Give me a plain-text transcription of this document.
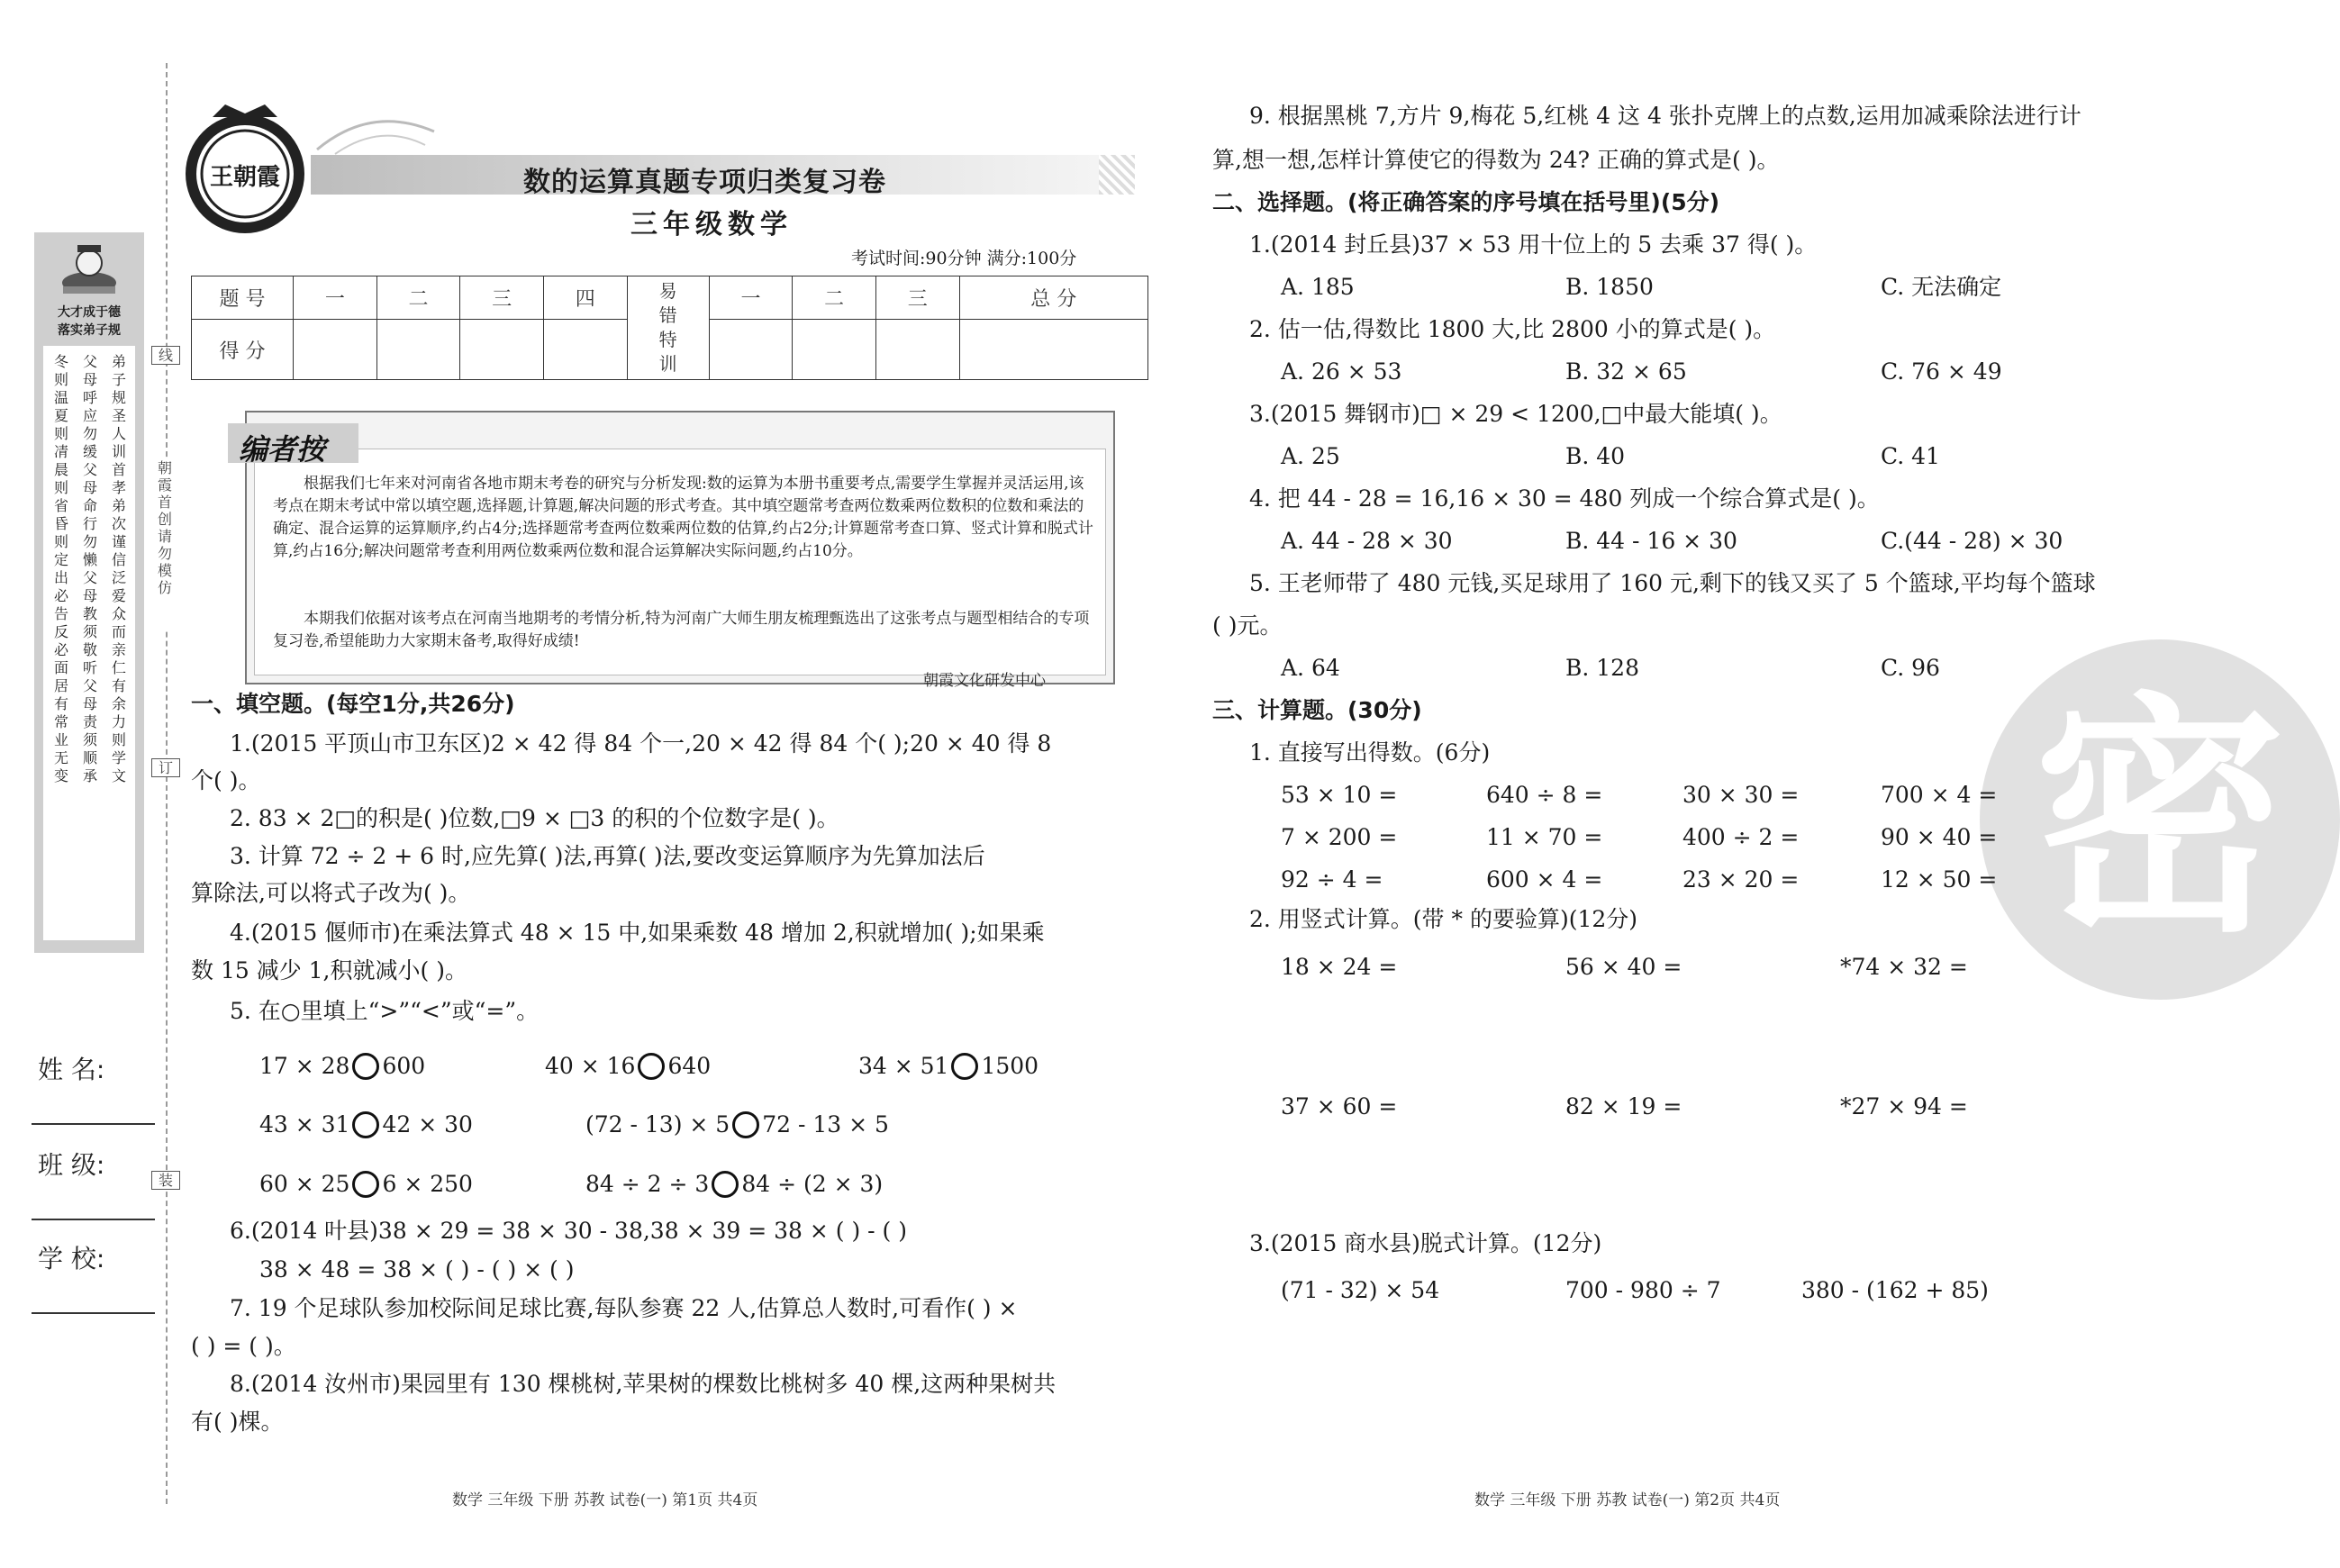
大才成于德
落实弟子规
冬则温夏则凊晨则省昏则定出必告反必面居有常业无变
父母呼应勿缓父母命行勿懒父母教须敬听父母责须顺承
弟子规圣人训首孝弟次谨信泛爱众而亲仁有余力则学文
姓 名:
班 级:
学 校:
线
朝霞首创 请勿模仿
订
装
王朝霞	数的运算真题专项归类复习卷
三年级数学
考试时间:90分钟 满分:100分
题 号	一	二	三	四	易错特训	一	二	三	总 分
得 分									
根据我们七年来对河南省各地市期末考卷的研究与分析发现:数的运算为本册书重要考点,需要学生掌握并灵活运用,该考点在期末考试中常以填空题,选择题,计算题,解决问题的形式考查。其中填空题常考查两位数乘两位数积的位数和乘法的确定、混合运算的运算顺序,约占4分;选择题常考查两位数乘两位数的估算,约占2分;计算题常考查口算、竖式计算和脱式计算,约占16分;解决问题常考查利用两位数乘两位数和混合运算解决实际问题,约占10分。
本期我们依据对该考点在河南当地期考的考情分析,特为河南广大师生朋友梳理甄选出了这张考点与题型相结合的专项复习卷,希望能助力大家期末备考,取得好成绩!
朝霞文化研发中心
编者按
一、填空题。(每空1分,共26分)
1.(2015 平顶山市卫东区)2 × 42 得 84 个一,20 × 42 得 84 个( );20 × 40 得 8
个( )。
2. 83 × 2□的积是( )位数,□9 × □3 的积的个位数字是( )。
3. 计算 72 ÷ 2 + 6 时,应先算( )法,再算( )法,要改变运算顺序为先算加法后
算除法,可以将式子改为( )。
4.(2015 偃师市)在乘法算式 48 × 15 中,如果乘数 48 增加 2,积就增加( );如果乘
数 15 减少 1,积就减小( )。
5. 在○里填上“>”“<”或“=”。
17 × 28 600	40 × 16 640	34 × 51 1500
43 × 31 42 × 30	(72 - 13) × 5 72 - 13 × 5
60 × 25 6 × 250	84 ÷ 2 ÷ 3 84 ÷ (2 × 3)
6.(2014 叶县)38 × 29 = 38 × 30 - 38,38 × 39 = 38 × ( ) - ( )
38 × 48 = 38 × ( ) - ( ) × ( )
7. 19 个足球队参加校际间足球比赛,每队参赛 22 人,估算总人数时,可看作( ) ×
( ) = ( )。
8.(2014 汝州市)果园里有 130 棵桃树,苹果树的棵数比桃树多 40 棵,这两种果树共
有( )棵。
密
9. 根据黑桃 7,方片 9,梅花 5,红桃 4 这 4 张扑克牌上的点数,运用加减乘除法进行计
算,想一想,怎样计算使它的得数为 24? 正确的算式是( )。
二、选择题。(将正确答案的序号填在括号里)(5分)
1.(2014 封丘县)37 × 53 用十位上的 5 去乘 37 得( )。
A. 185	B. 1850	C. 无法确定
2. 估一估,得数比 1800 大,比 2800 小的算式是( )。
A. 26 × 53	B. 32 × 65	C. 76 × 49
3.(2015 舞钢市)□ × 29 < 1200,□中最大能填( )。
A. 25	B. 40	C. 41
4. 把 44 - 28 = 16,16 × 30 = 480 列成一个综合算式是( )。
A. 44 - 28 × 30	B. 44 - 16 × 30	C.(44 - 28) × 30
5. 王老师带了 480 元钱,买足球用了 160 元,剩下的钱又买了 5 个篮球,平均每个篮球
( )元。
A. 64	B. 128	C. 96
三、计算题。(30分)
1. 直接写出得数。(6分)
53 × 10 =	640 ÷ 8 =	30 × 30 =	700 × 4 =
7 × 200 =	11 × 70 =	400 ÷ 2 =	90 × 40 =
92 ÷ 4 =	600 × 4 =	23 × 20 =	12 × 50 =
2. 用竖式计算。(带 * 的要验算)(12分)
18 × 24 =	56 × 40 =	*74 × 32 =
37 × 60 =	82 × 19 =	*27 × 94 =
3.(2015 商水县)脱式计算。(12分)
(71 - 32) × 54	700 - 980 ÷ 7	380 - (162 + 85)
数学 三年级 下册 苏教 试卷(一) 第1页 共4页	数学 三年级 下册 苏教 试卷(一) 第2页 共4页
